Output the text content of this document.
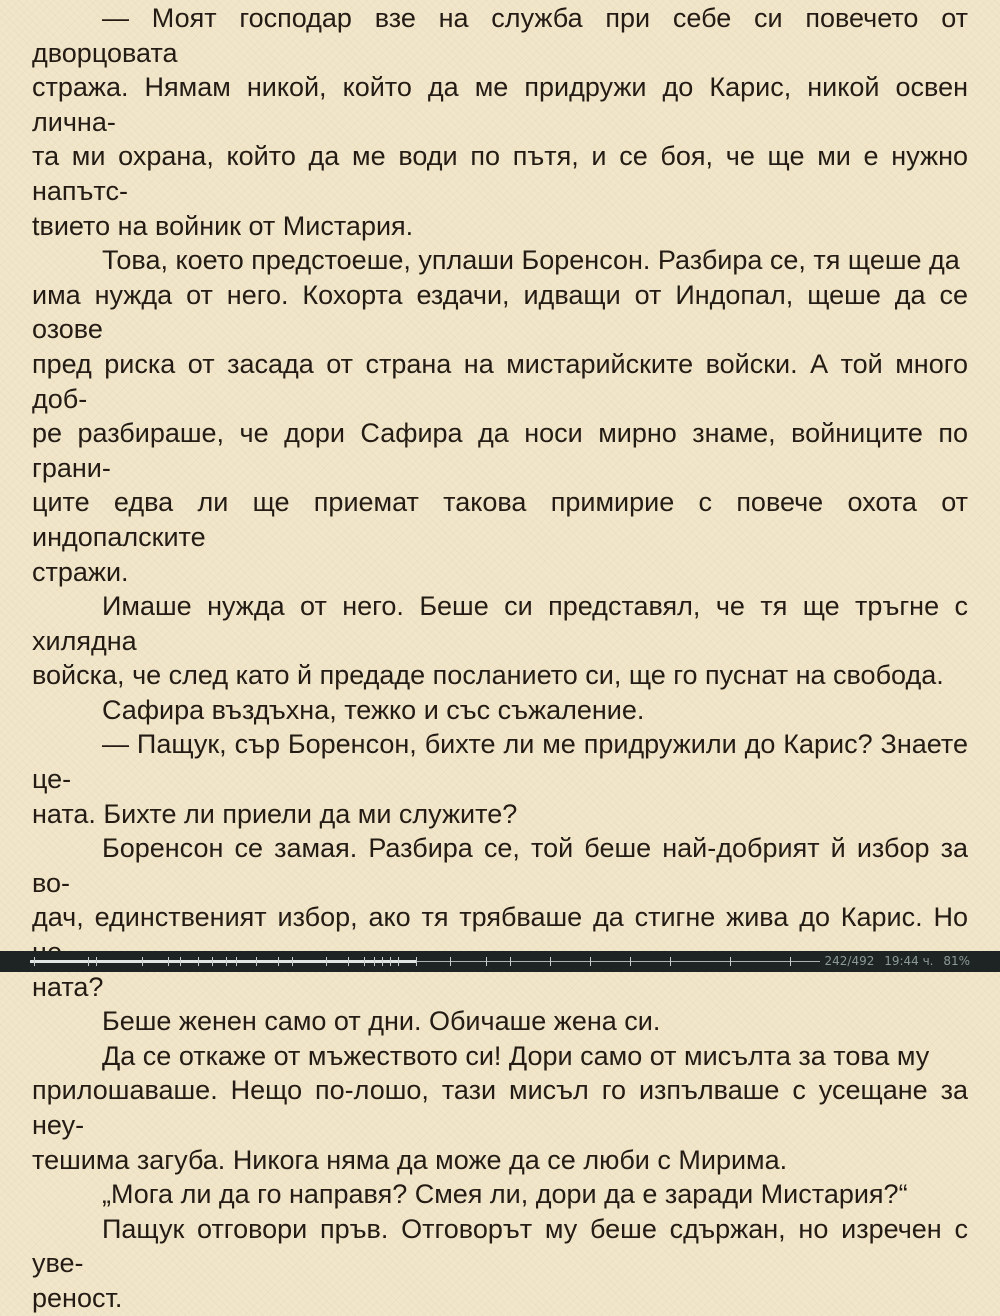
— Моят господар взе на служба при себе си повечето от дворцовата
стража. Нямам никой, който да ме придружи до Карис, никой освен лична-
та ми охрана, който да ме води по пътя, и се боя, че ще ми е нужно напътс-
tвието на войник от Мистария.

Това, което предстоеше, уплаши Боренсон. Разбира се, тя щеше да
има нужда от него. Кохорта ездачи, идващи от Индопал, щеше да се озове
пред риска от засада от страна на мистарийските войски. А той много доб-
ре разбираше, че дори Сафира да носи мирно знаме, войниците по грани-
ците едва ли ще приемат такова примирие с повече охота от индопалските
стражи.

Имаше нужда от него. Беше си представял, че тя ще тръгне с хилядна
войска, че след като й предаде посланието си, ще го пуснат на свобода.

Сафира въздъхна, тежко и със съжаление.

— Пащук, сър Боренсон, бихте ли ме придружили до Карис? Знаете це-
ната. Бихте ли приели да ми служите?

Боренсон се замая. Разбира се, той беше най-добрият й избор за во-
дач, единственият избор, ако тя трябваше да стигне жива до Карис. Но
ната?

Беше женен само от дни. Обичаше жена си.

Да се откаже от мъжеството си! Дори само от мисълта за това му
прилошаваше. Нещо по-лошо, тази мисъл го изпълваше с усещане за неу-
тешима загуба. Никога няма да може да се люби с Мирима.

„Мога ли да го направя? Смея ли, дори да е заради Мистария?“

Пащук отговори пръв. Отговорът му беше сдържан, но изречен с уве-
реност.

242/492 19:44 ч. 81%
